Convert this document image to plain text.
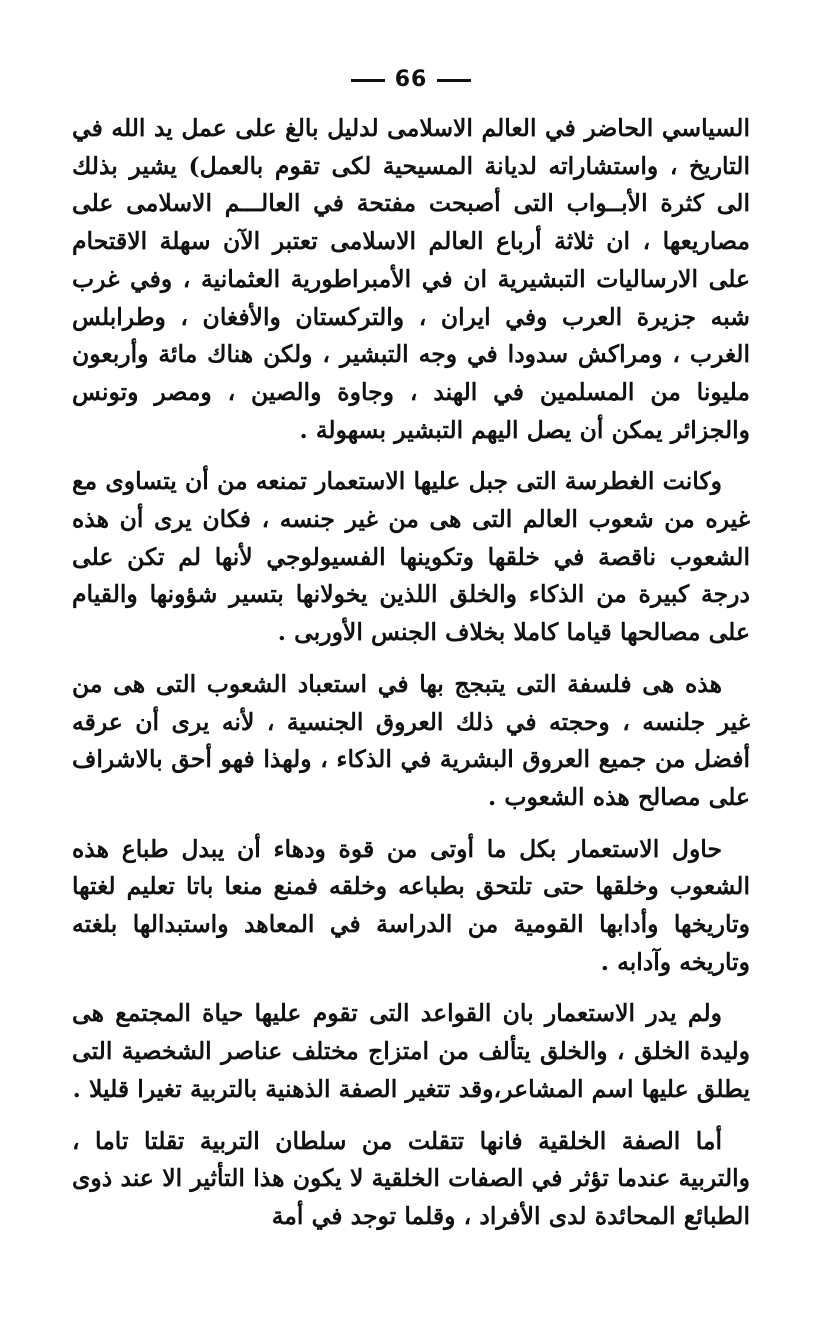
66

السياسي الحاضر في العالم الاسلامى لدليل بالغ على عمل يد الله في التاريخ ، واستشاراته لديانة المسيحية لكى تقوم بالعمل) يشير بذلك الى كثرة الأبــواب التى أصبحت مفتحة في العالـــم الاسلامى على مصاريعها ، ان ثلاثة أرباع العالم الاسلامى تعتبر الآن سهلة الاقتحام على الارساليات التبشيرية ان في الأمبراطورية العثمانية ، وفي غرب شبه جزيرة العرب وفي ايران ، والتركستان والأفغان ، وطرابلس الغرب ، ومراكش سدودا في وجه التبشير ، ولكن هناك مائة وأربعون مليونا من المسلمين في الهند ، وجاوة والصين ، ومصر وتونس والجزائر يمكن أن يصل اليهم التبشير بسهولة .

وكانت الغطرسة التى جبل عليها الاستعمار تمنعه من أن يتساوى مع غيره من شعوب العالم التى هى من غير جنسه ، فكان يرى أن هذه الشعوب ناقصة في خلقها وتكوينها الفسيولوجي لأنها لم تكن على درجة كبيرة من الذكاء والخلق اللذين يخولانها بتسير شؤونها والقيام على مصالحها قياما كاملا بخلاف الجنس الأوربى .

هذه هى فلسفة التى يتبجج بها في استعباد الشعوب التى هى من غير جلنسه ، وحجته في ذلك العروق الجنسية ، لأنه يرى أن عرقه أفضل من جميع العروق البشرية في الذكاء ، ولهذا فهو أحق بالاشراف على مصالح هذه الشعوب .

حاول الاستعمار بكل ما أوتى من قوة ودهاء أن يبدل طباع هذه الشعوب وخلقها حتى تلتحق بطباعه وخلقه فمنع منعا باتا تعليم لغتها وتاريخها وأدابها القومية من الدراسة في المعاهد واستبدالها بلغته وتاريخه وآدابه .

ولم يدر الاستعمار بان القواعد التى تقوم عليها حياة المجتمع هى وليدة الخلق ، والخلق يتألف من امتزاج مختلف عناصر الشخصية التى يطلق عليها اسم المشاعر،وقد تتغير الصفة الذهنية بالتربية تغيرا قليلا .

أما الصفة الخلقية فانها تتقلت من سلطان التربية تقلتا تاما ، والتربية عندما تؤثر في الصفات الخلقية لا يكون هذا التأثير الا عند ذوى الطبائع المحائدة لدى الأفراد ، وقلما توجد في أمة
